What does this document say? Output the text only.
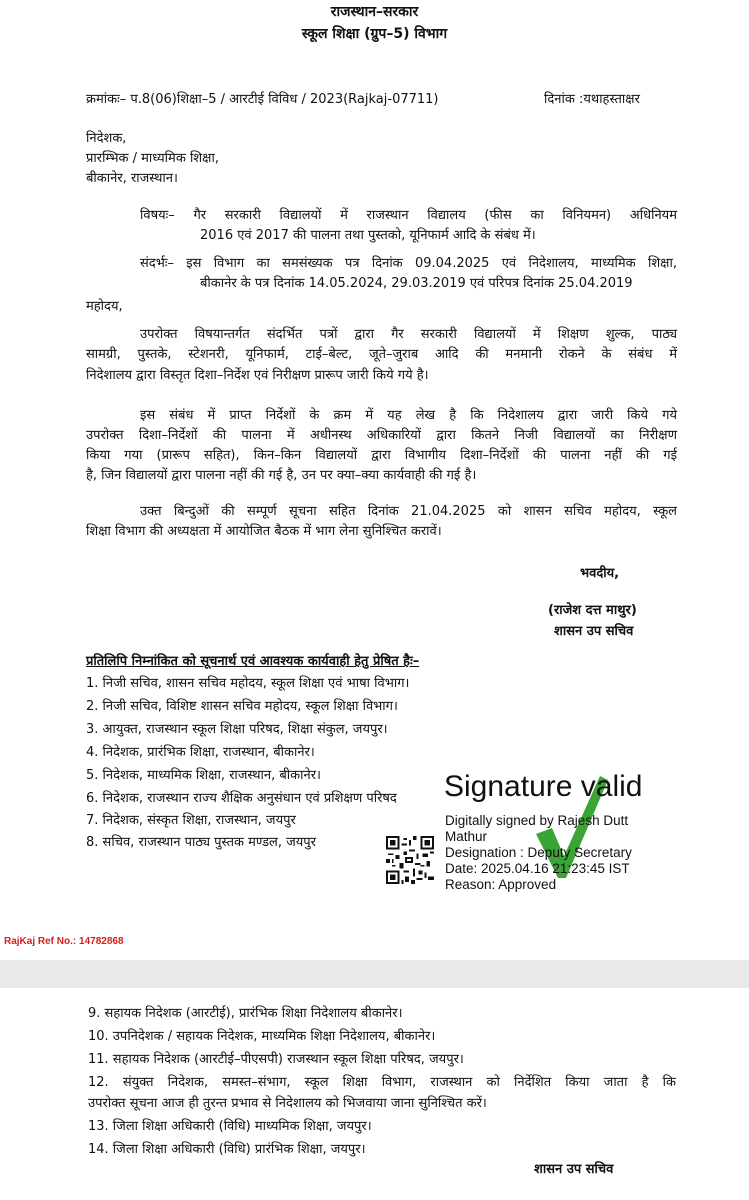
राजस्थान–सरकार
स्कूल शिक्षा (ग्रुप–5) विभाग
क्रमांकः– प.8(06)शिक्षा–5 / आरटीई विविध / 2023(Rajkaj-07711)	दिनांक :यथाहस्ताक्षर
निदेशक,
प्रारम्भिक / माध्यमिक शिक्षा,
बीकानेर, राजस्थान।
विषयः– गैर सरकारी विद्यालयों में राजस्थान विद्यालय (फीस का विनियमन) अधिनियम
2016 एवं 2017 की पालना तथा पुस्तको, यूनिफार्म आदि के संबंध में।
संदर्भः– इस विभाग का समसंख्यक पत्र दिनांक 09.04.2025 एवं निदेशालय, माध्यमिक शिक्षा,
बीकानेर के पत्र दिनांक 14.05.2024, 29.03.2019 एवं परिपत्र दिनांक 25.04.2019
महोदय,
उपरोक्त विषयान्तर्गत संदर्भित पत्रों द्वारा गैर सरकारी विद्यालयों में शिक्षण शुल्क, पाठ्य
सामग्री, पुस्तके, स्टेशनरी, यूनिफार्म, टाई–बेल्ट, जूते–जुराब आदि की मनमानी रोकने के संबंध में
निदेशालय द्वारा विस्तृत दिशा–निर्देश एवं निरीक्षण प्रारूप जारी किये गये है।
इस संबंध में प्राप्त निर्देशों के क्रम में यह लेख है कि निदेशालय द्वारा जारी किये गये
उपरोक्त दिशा–निर्देशों की पालना में अधीनस्थ अधिकारियों द्वारा कितने निजी विद्यालयों का निरीक्षण
किया गया (प्रारूप सहित), किन–किन विद्यालयों द्वारा विभागीय दिशा–निर्देशों की पालना नहीं की गई
है, जिन विद्यालयों द्वारा पालना नहीं की गई है, उन पर क्या–क्या कार्यवाही की गई है।
उक्त बिन्दुओं की सम्पूर्ण सूचना सहित दिनांक 21.04.2025 को शासन सचिव महोदय, स्कूल
शिक्षा विभाग की अध्यक्षता में आयोजित बैठक में भाग लेना सुनिश्चित करावें।
भवदीय,
(राजेश दत्त माथुर)
शासन उप सचिव
प्रतिलिपि निम्नांकित को सूचनार्थ एवं आवश्यक कार्यवाही हेतु प्रेषित हैः–
1. निजी सचिव, शासन सचिव महोदय, स्कूल शिक्षा एवं भाषा विभाग।
2. निजी सचिव, विशिष्ट शासन सचिव महोदय, स्कूल शिक्षा विभाग।
3. आयुक्त, राजस्थान स्कूल शिक्षा परिषद, शिक्षा संकुल, जयपुर।
4. निदेशक, प्रारंभिक शिक्षा, राजस्थान, बीकानेर।
5. निदेशक, माध्यमिक शिक्षा, राजस्थान, बीकानेर।
6. निदेशक, राजस्थान राज्य शैक्षिक अनुसंधान एवं प्रशिक्षण परिषद
7. निदेशक, संस्कृत शिक्षा, राजस्थान, जयपुर
8. सचिव, राजस्थान पाठ्य पुस्तक मण्डल, जयपुर
Signature valid
Digitally signed by Rajesh Dutt
Mathur
Designation : Deputy Secretary
Date: 2025.04.16 21:23:45 IST
Reason: Approved
RajKaj Ref No.: 14782868
9. सहायक निदेशक (आरटीई), प्रारंभिक शिक्षा निदेशालय बीकानेर।
10. उपनिदेशक / सहायक निदेशक, माध्यमिक शिक्षा निदेशालय, बीकानेर।
11. सहायक निदेशक (आरटीई–पीएसपी) राजस्थान स्कूल शिक्षा परिषद, जयपुर।
12. संयुक्त निदेशक, समस्त–संभाग, स्कूल शिक्षा विभाग, राजस्थान को निर्देशित किया जाता है कि
उपरोक्त सूचना आज ही तुरन्त प्रभाव से निदेशालय को भिजवाया जाना सुनिश्चित करें।
13. जिला शिक्षा अधिकारी (विधि) माध्यमिक शिक्षा, जयपुर।
14. जिला शिक्षा अधिकारी (विधि) प्रारंभिक शिक्षा, जयपुर।
शासन उप सचिव
